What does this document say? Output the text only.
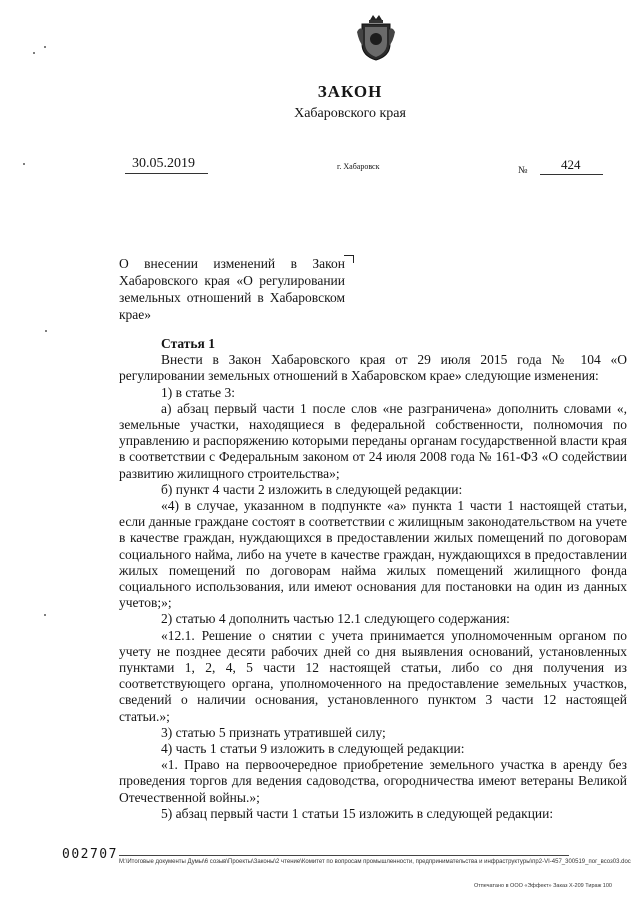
ЗАКОН
Хабаровского края
30.05.2019	г. Хабаровск	№	424

О внесении изменений в Закон Хабаровского края «О регулировании земельных отношений в Хабаровском крае»

Статья 1

Внести в Закон Хабаровского края от 29 июля 2015 года № 104 «О регулировании земельных отношений в Хабаровском крае» следующие изменения:

1) в статье 3:

а) абзац первый части 1 после слов «не разграничена» дополнить словами «, земельные участки, находящиеся в федеральной собственности, полномочия по управлению и распоряжению которыми переданы органам государственной власти края в соответствии с Федеральным законом от 24 июля 2008 года № 161-ФЗ «О содействии развитию жилищного строительства»;

б) пункт 4 части 2 изложить в следующей редакции:

«4) в случае, указанном в подпункте «а» пункта 1 части 1 настоящей статьи, если данные граждане состоят в соответствии с жилищным законодательством на учете в качестве граждан, нуждающихся в предоставлении жилых помещений по договорам социального найма, либо на учете в качестве граждан, нуждающихся в предоставлении жилых помещений по договорам найма жилых помещений жилищного фонда социального использования, или имеют основания для постановки на один из данных учетов;»;

2) статью 4 дополнить частью 12.1 следующего содержания:

«12.1. Решение о снятии с учета принимается уполномоченным органом по учету не позднее десяти рабочих дней со дня выявления оснований, установленных пунктами 1, 2, 4, 5 части 12 настоящей статьи, либо со дня получения из соответствующего органа, уполномоченного на предоставление земельных участков, сведений о наличии основания, установленного пунктом 3 части 12 настоящей статьи.»;

3) статью 5 признать утратившей силу;

4) часть 1 статьи 9 изложить в следующей редакции:

«1. Право на первоочередное приобретение земельного участка в аренду без проведения торгов для ведения садоводства, огородничества имеют ветераны Великой Отечественной войны.»;

5) абзац первый части 1 статьи 15 изложить в следующей редакции:

M:\Итоговые документы Думы\6 созыв\Проекты\Законы\2 чтение\Комитет по вопросам промышленности, предпринимательства и инфраструктуры\пр2-VI-457_300519_пог_всоз03.doc
002707
Отпечатано в ООО «Эффект» Заказ Х-209 Тираж 100
